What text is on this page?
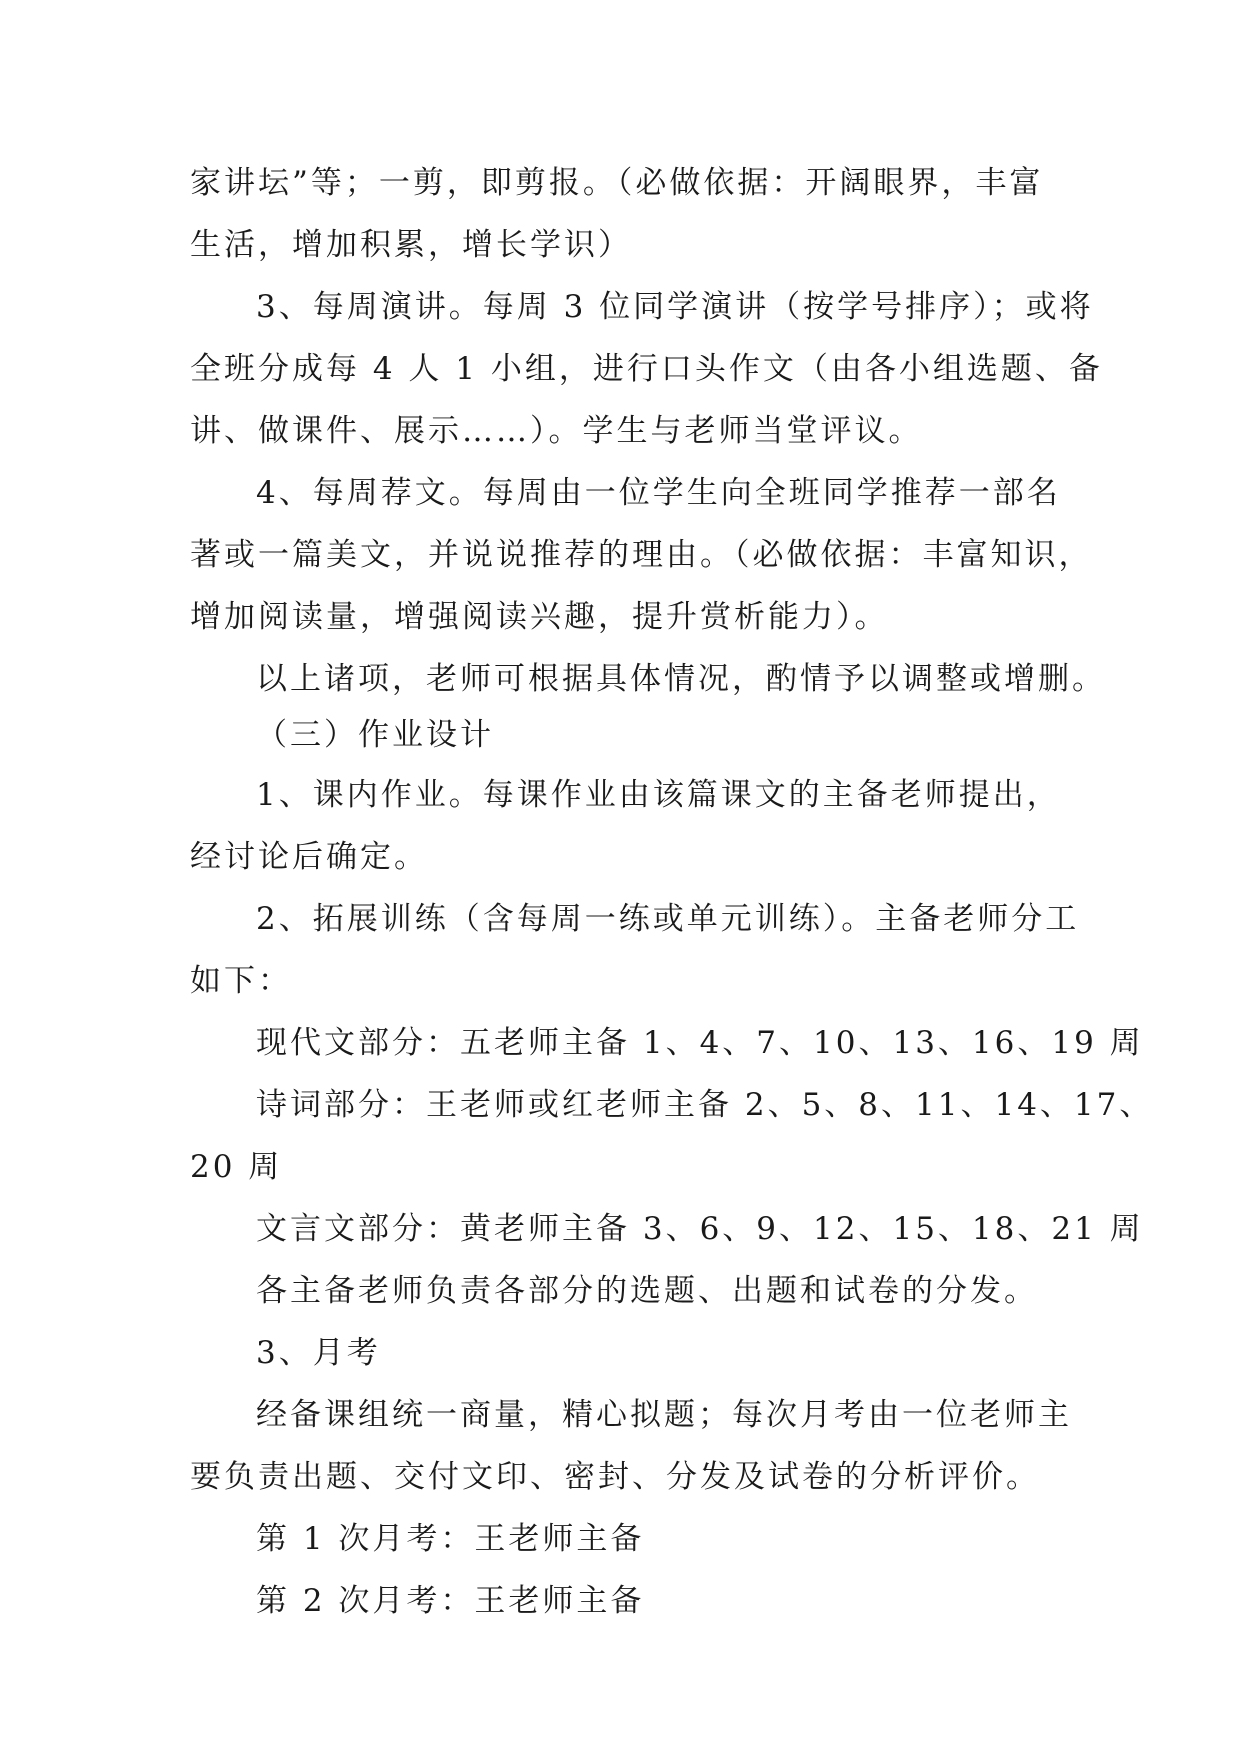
家讲坛”等；一剪，即剪报。（必做依据：开阔眼界，丰富
生活，增加积累，增长学识）
3、每周演讲。每周 3 位同学演讲（按学号排序）；或将
全班分成每 4 人 1 小组，进行口头作文（由各小组选题、备
讲、做课件、展示……）。学生与老师当堂评议。
4、每周荐文。每周由一位学生向全班同学推荐一部名
著或一篇美文，并说说推荐的理由。（必做依据：丰富知识，
增加阅读量，增强阅读兴趣，提升赏析能力）。
以上诸项，老师可根据具体情况，酌情予以调整或增删。
（三）作业设计
1、课内作业。每课作业由该篇课文的主备老师提出，
经讨论后确定。
2、拓展训练（含每周一练或单元训练）。主备老师分工
如下：
现代文部分：五老师主备 1、4、7、10、13、16、19 周
诗词部分：王老师或红老师主备 2、5、8、11、14、17、
20 周
文言文部分：黄老师主备 3、6、9、12、15、18、21 周
各主备老师负责各部分的选题、出题和试卷的分发。
3、月考
经备课组统一商量，精心拟题；每次月考由一位老师主
要负责出题、交付文印、密封、分发及试卷的分析评价。
第 1 次月考：王老师主备
第 2 次月考：王老师主备
